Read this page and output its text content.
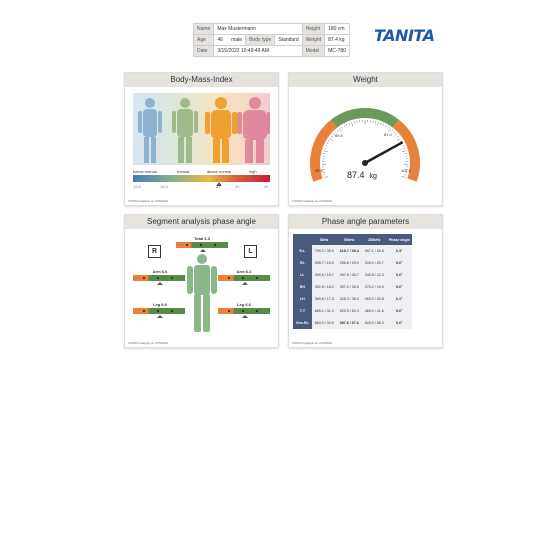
Name	Max Mustermann			Height	180 cm
Age	46 male	Body type	Standard	Weight	87.4 kg
Date	3/15/2022 10:49:49 AM			Model	MC-780
TANITA
Body-Mass-Index
below normal	normal	above normal	high
13.5	18.5	27	30	35
TANITA Analysis on 3/15/2022
Weight
39.9
59.9	81.0
101.0
87.4 kg
TANITA Analysis on 3/15/2022
Segment analysis phase angle
R	L
Total 6.3
Arm 6.6	Arm 6.1
Leg 6.6	Leg 6.6
TANITA Analysis on 3/15/2022
Phase angle parameters
	5kHz	50kHz	250kHz	Phase angle
R-L	799.3 / 35.0	618.7 / 68.4	557.1 / 59.8	6.3°
RL	395.7 / 15.0	256.8 / 29.5	228.0 / 20.7	6.6°
LL	399.5 / 15.7	267.5 / 30.7	240.6 / 22.3	6.6°
RH	392.8 / 18.2	307.0 / 35.5	275.2 / 34.9	6.6°
LH	369.8 / 17.3	326.3 / 35.0	263.0 / 30.8	6.1°
T-T	689.1 / 31.2	522.9 / 60.3	465.0 / 41.6	6.6°
Ges-RL	660.0 / 34.9	587.6 / 67.6	525.0 / 56.3	6.6°
TANITA Analysis on 3/15/2022
